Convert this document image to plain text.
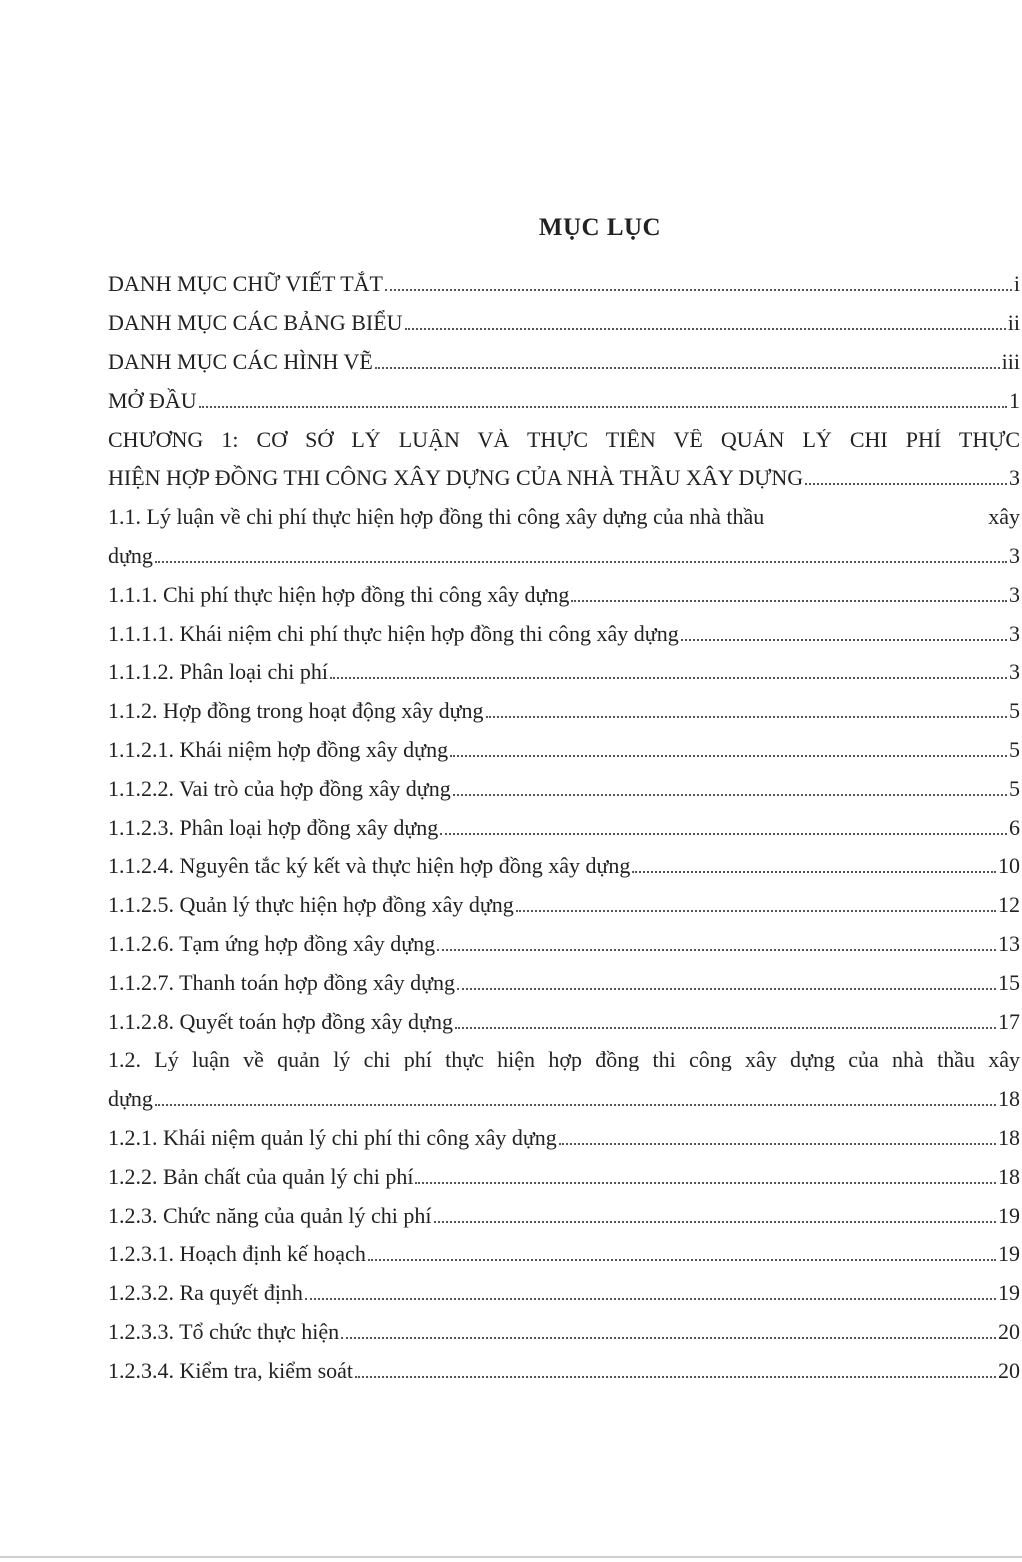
MỤC LỤC
DANH MỤC CHỮ VIẾT TẮT	i
DANH MỤC CÁC BẢNG BIỂU	ii
DANH MỤC CÁC HÌNH VẼ	iii
MỞ ĐẦU	1
CHƯƠNG 1: CƠ SỞ LÝ LUẬN VÀ THỰC TIỄN VỀ QUẢN LÝ CHI PHÍ THỰC
HIỆN HỢP ĐỒNG THI CÔNG XÂY DỰNG CỦA NHÀ THẦU XÂY DỰNG	3
1.1. Lý luận về chi phí thực hiện hợp đồng thi công xây dựng của nhà thầu	xây
dựng	3
1.1.1. Chi phí thực hiện hợp đồng thi công xây dựng	3
1.1.1.1. Khái niệm chi phí thực hiện hợp đồng thi công xây dựng	3
1.1.1.2. Phân loại chi phí	3
1.1.2. Hợp đồng trong hoạt động xây dựng	5
1.1.2.1. Khái niệm hợp đồng xây dựng	5
1.1.2.2. Vai trò của hợp đồng xây dựng	5
1.1.2.3. Phân loại hợp đồng xây dựng	6
1.1.2.4. Nguyên tắc ký kết và thực hiện hợp đồng xây dựng	10
1.1.2.5. Quản lý thực hiện hợp đồng xây dựng	12
1.1.2.6. Tạm ứng hợp đồng xây dựng	13
1.1.2.7. Thanh toán hợp đồng xây dựng	15
1.1.2.8. Quyết toán hợp đồng xây dựng	17
1.2. Lý luận về quản lý chi phí thực hiện hợp đồng thi công xây dựng của nhà thầu xây
dựng	18
1.2.1. Khái niệm quản lý chi phí thi công xây dựng	18
1.2.2. Bản chất của quản lý chi phí	18
1.2.3. Chức năng của quản lý chi phí	19
1.2.3.1. Hoạch định kế hoạch	19
1.2.3.2. Ra quyết định	19
1.2.3.3. Tổ chức thực hiện	20
1.2.3.4. Kiểm tra, kiểm soát	20
